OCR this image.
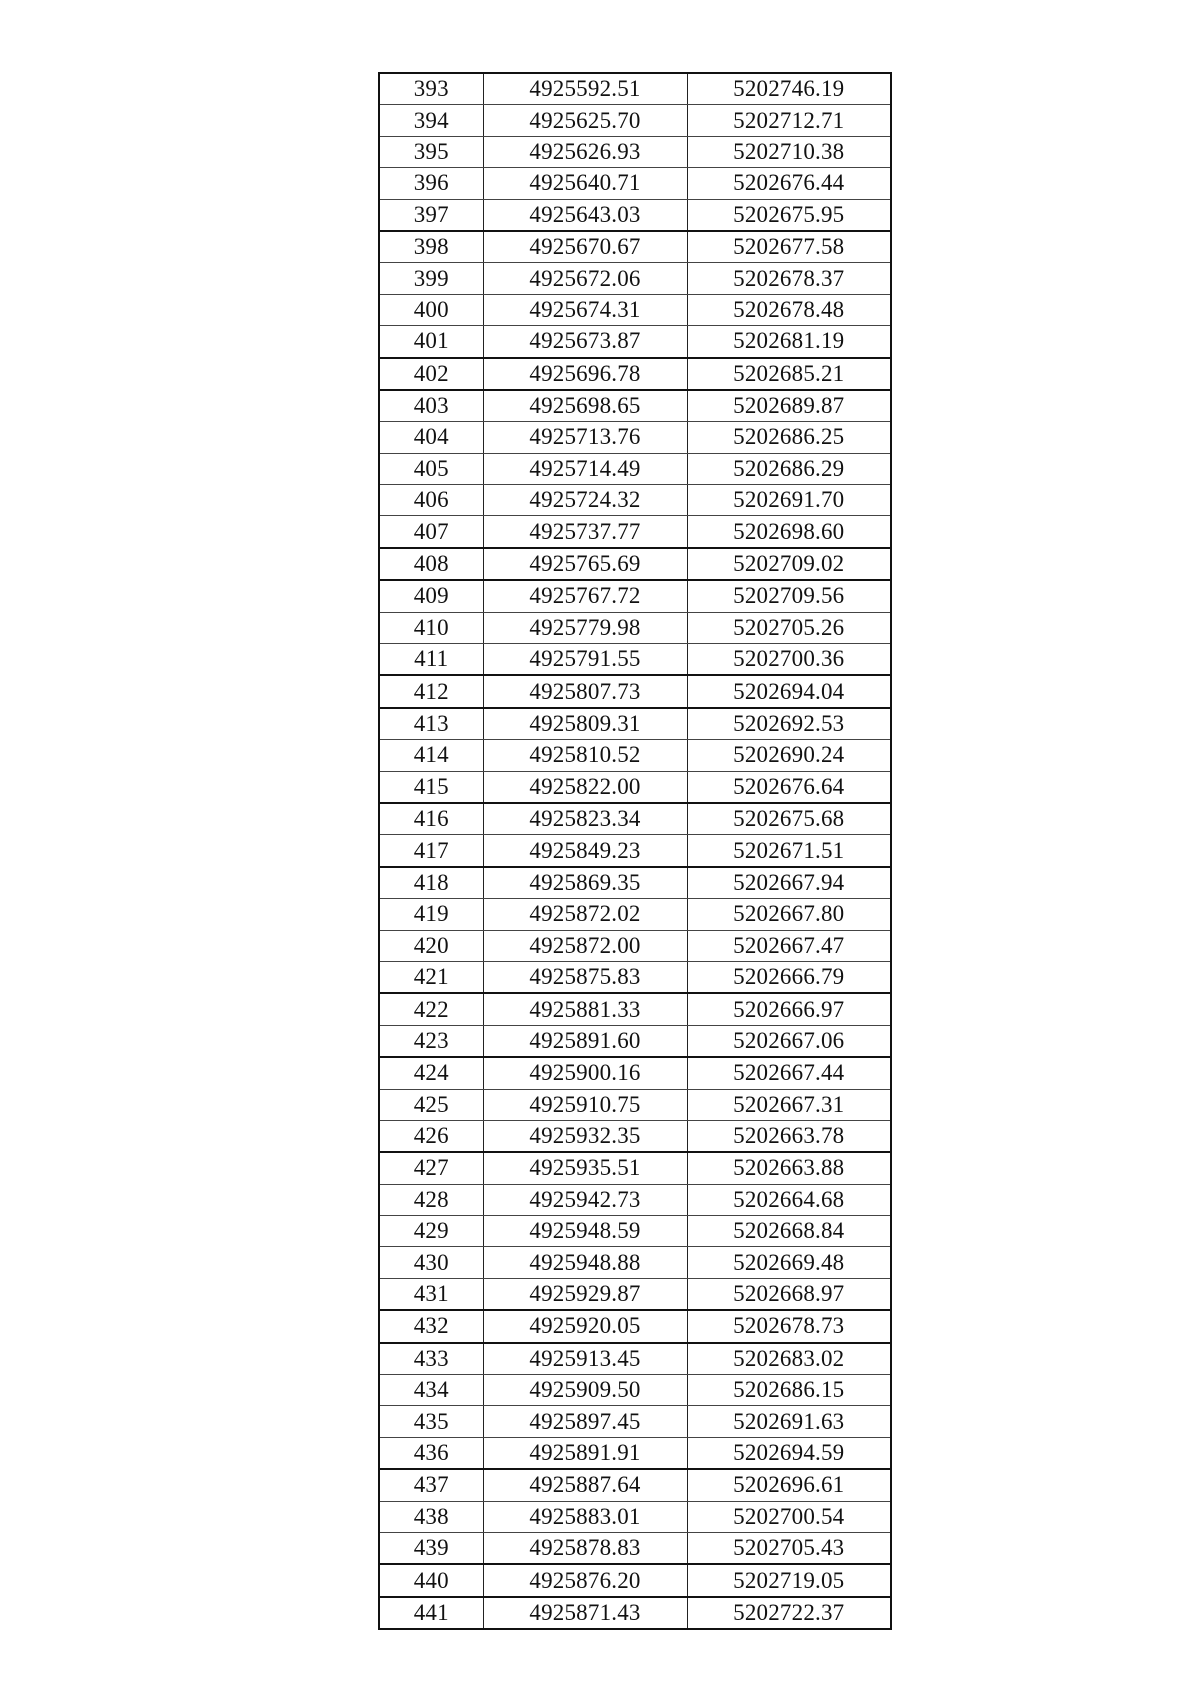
393	4925592.51	5202746.19
394	4925625.70	5202712.71
395	4925626.93	5202710.38
396	4925640.71	5202676.44
397	4925643.03	5202675.95
398	4925670.67	5202677.58
399	4925672.06	5202678.37
400	4925674.31	5202678.48
401	4925673.87	5202681.19
402	4925696.78	5202685.21
403	4925698.65	5202689.87
404	4925713.76	5202686.25
405	4925714.49	5202686.29
406	4925724.32	5202691.70
407	4925737.77	5202698.60
408	4925765.69	5202709.02
409	4925767.72	5202709.56
410	4925779.98	5202705.26
411	4925791.55	5202700.36
412	4925807.73	5202694.04
413	4925809.31	5202692.53
414	4925810.52	5202690.24
415	4925822.00	5202676.64
416	4925823.34	5202675.68
417	4925849.23	5202671.51
418	4925869.35	5202667.94
419	4925872.02	5202667.80
420	4925872.00	5202667.47
421	4925875.83	5202666.79
422	4925881.33	5202666.97
423	4925891.60	5202667.06
424	4925900.16	5202667.44
425	4925910.75	5202667.31
426	4925932.35	5202663.78
427	4925935.51	5202663.88
428	4925942.73	5202664.68
429	4925948.59	5202668.84
430	4925948.88	5202669.48
431	4925929.87	5202668.97
432	4925920.05	5202678.73
433	4925913.45	5202683.02
434	4925909.50	5202686.15
435	4925897.45	5202691.63
436	4925891.91	5202694.59
437	4925887.64	5202696.61
438	4925883.01	5202700.54
439	4925878.83	5202705.43
440	4925876.20	5202719.05
441	4925871.43	5202722.37
